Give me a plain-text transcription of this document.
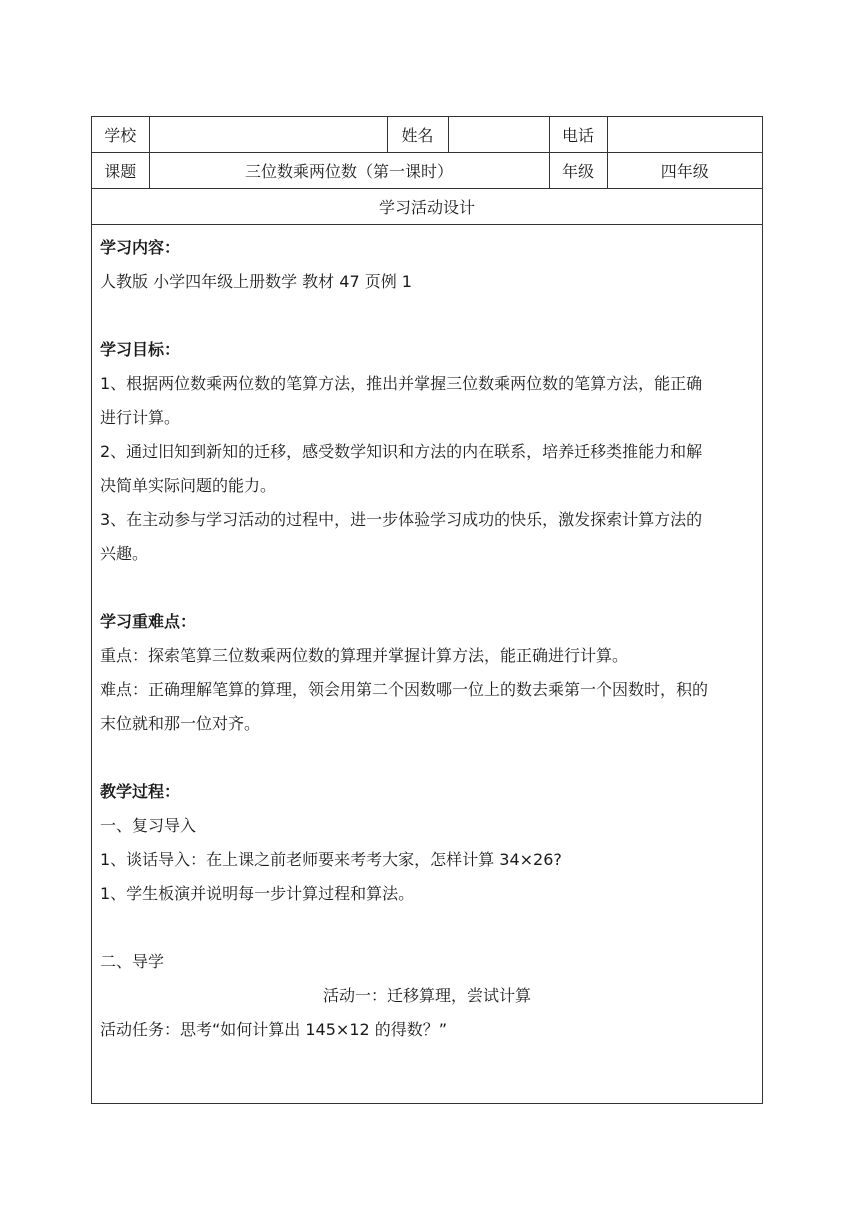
学校		姓名		电话	
课题	三位数乘两位数（第一课时）			年级	四年级
学习活动设计					

学习内容：

人教版 小学四年级上册数学 教材 47 页例 1

学习目标：

1、根据两位数乘两位数的笔算方法，推出并掌握三位数乘两位数的笔算方法，能正确

进行计算。

2、通过旧知到新知的迁移，感受数学知识和方法的内在联系，培养迁移类推能力和解

决简单实际问题的能力。

3、在主动参与学习活动的过程中，进一步体验学习成功的快乐，激发探索计算方法的

兴趣。

学习重难点：

重点：探索笔算三位数乘两位数的算理并掌握计算方法，能正确进行计算。

难点：正确理解笔算的算理，领会用第二个因数哪一位上的数去乘第一个因数时，积的

末位就和那一位对齐。

教学过程：

一、复习导入

1、谈话导入：在上课之前老师要来考考大家，怎样计算 34×26?

1、学生板演并说明每一步计算过程和算法。

二、导学

活动一：迁移算理，尝试计算

活动任务：思考“如何计算出 145×12 的得数？”
